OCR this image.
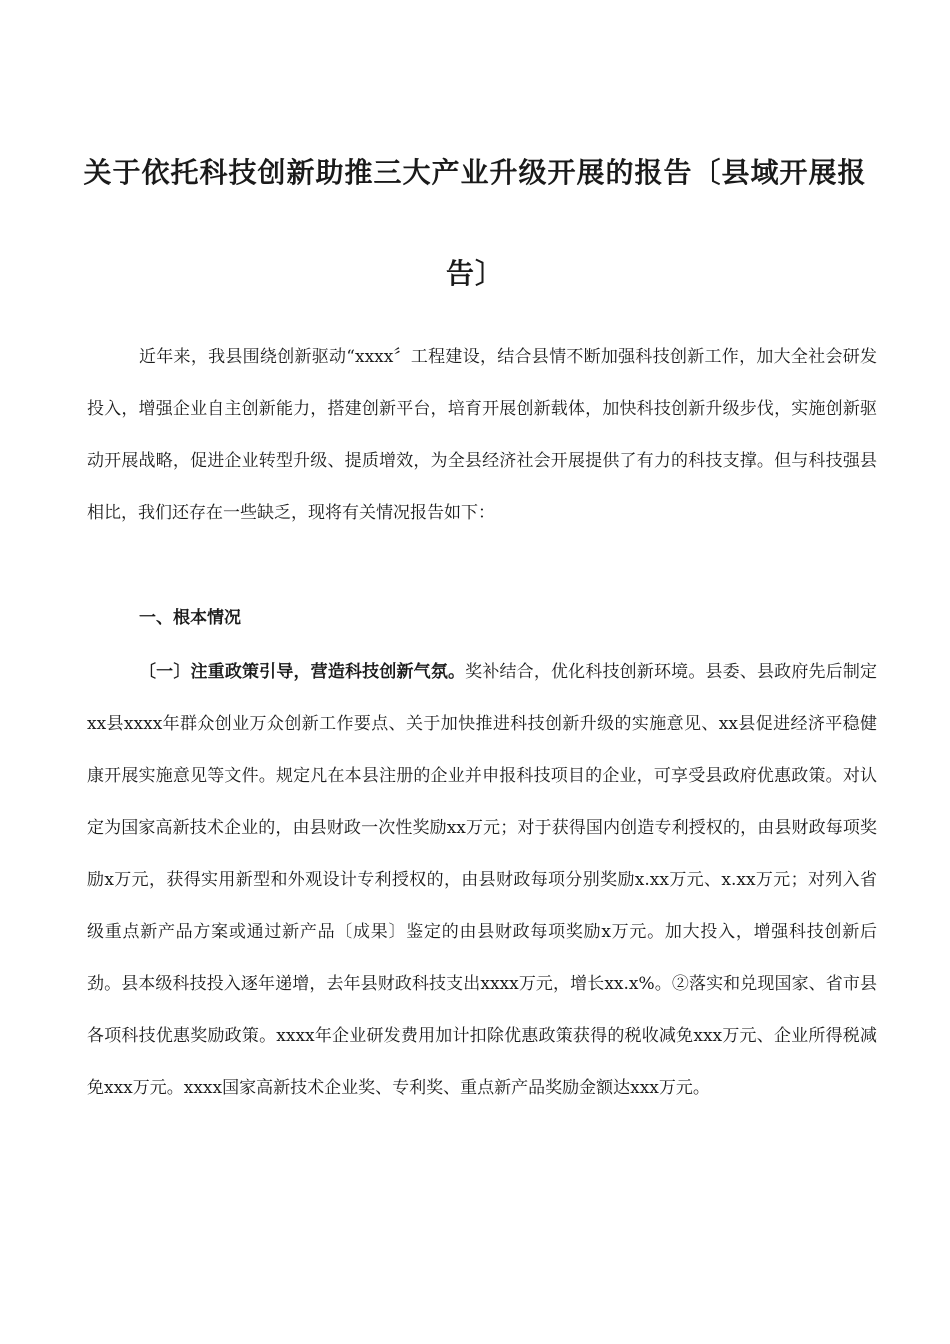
关于依托科技创新助推三大产业升级开展的报告〔县域开展报
告〕

近年来，我县围绕创新驱动“xxxx〞工程建设，结合县情不断加强科技创新工作，加大全社会研发投入，增强企业自主创新能力，搭建创新平台，培育开展创新载体，加快科技创新升级步伐，实施创新驱动开展战略，促进企业转型升级、提质增效，为全县经济社会开展提供了有力的科技支撑。但与科技强县相比，我们还存在一些缺乏，现将有关情况报告如下：

一、根本情况

〔一〕注重政策引导，营造科技创新气氛。奖补结合，优化科技创新环境。县委、县政府先后制定xx县xxxx年群众创业万众创新工作要点、关于加快推进科技创新升级的实施意见、xx县促进经济平稳健康开展实施意见等文件。规定凡在本县注册的企业并申报科技项目的企业，可享受县政府优惠政策。对认定为国家高新技术企业的，由县财政一次性奖励xx万元；对于获得国内创造专利授权的，由县财政每项奖励x万元，获得实用新型和外观设计专利授权的，由县财政每项分别奖励x.xx万元、x.xx万元；对列入省级重点新产品方案或通过新产品〔成果〕鉴定的由县财政每项奖励x万元。加大投入，增强科技创新后劲。县本级科技投入逐年递增，去年县财政科技支出xxxx万元，增长xx.x%。②落实和兑现国家、省市县各项科技优惠奖励政策。xxxx年企业研发费用加计扣除优惠政策获得的税收减免xxx万元、企业所得税减免xxx万元。xxxx国家高新技术企业奖、专利奖、重点新产品奖励金额达xxx万元。
